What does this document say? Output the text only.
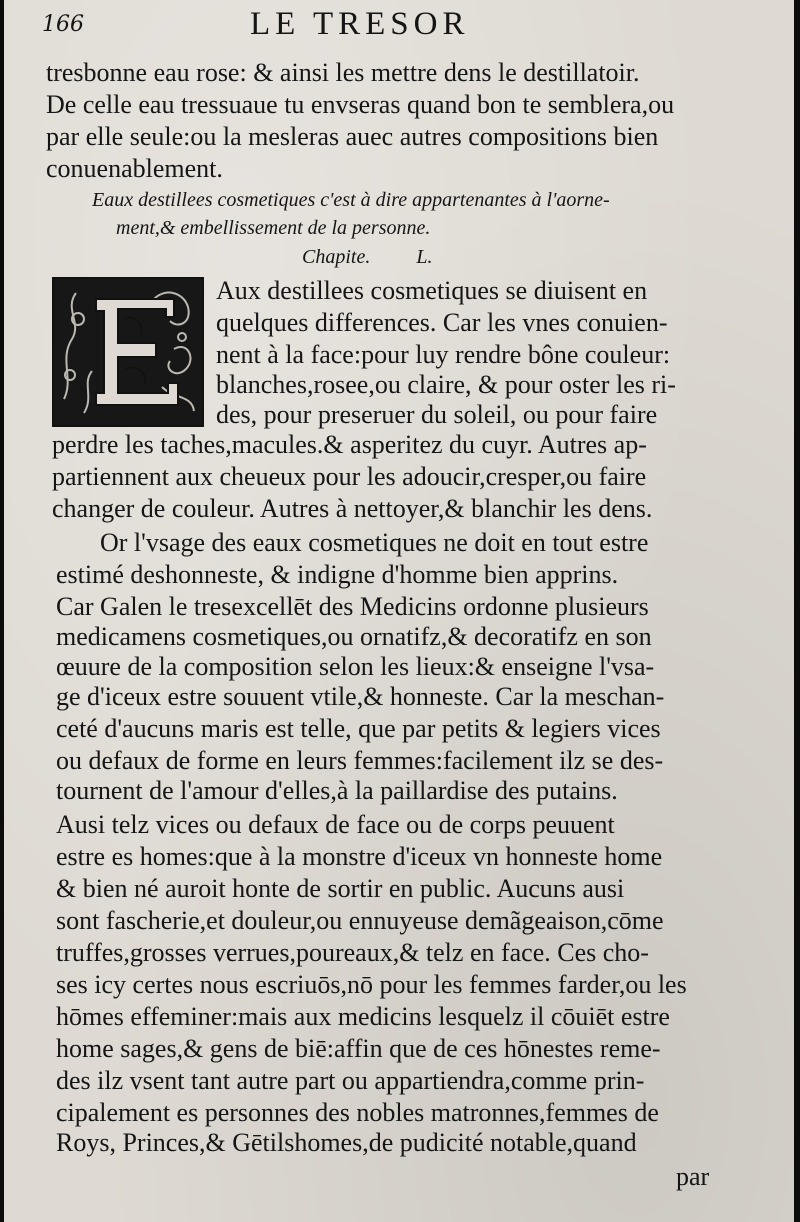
166	LE TRESOR
tresbonne eau rose: & ainsi les mettre dens le destillatoir.
De celle eau tressuaue tu envseras quand bon te semblera,ou
par elle seule:ou la mesleras auec autres compositions bien
conuenablement.
Eaux destillees cosmetiques c'est à dire appartenantes à l'aorne-
ment,& embellissement de la personne.
Chapite. L.
Aux destillees cosmetiques se diuisent en
quelques differences. Car les vnes conuien-
nent à la face:pour luy rendre bône couleur:
blanches,rosee,ou claire, & pour oster les ri-
des, pour preseruer du soleil, ou pour faire
perdre les taches,macules.& asperitez du cuyr. Autres ap-
partiennent aux cheueux pour les adoucir,cresper,ou faire
changer de couleur. Autres à nettoyer,& blanchir les dens.
Or l'vsage des eaux cosmetiques ne doit en tout estre
estimé deshonneste, & indigne d'homme bien apprins.
Car Galen le tresexcellēt des Medicins ordonne plusieurs
medicamens cosmetiques,ou ornatifz,& decoratifz en son
œuure de la composition selon les lieux:& enseigne l'vsa-
ge d'iceux estre souuent vtile,& honneste. Car la meschan-
ceté d'aucuns maris est telle, que par petits & legiers vices
ou defaux de forme en leurs femmes:facilement ilz se des-
tournent de l'amour d'elles,à la paillardise des putains.
Ausi telz vices ou defaux de face ou de corps peuuent
estre es homes:que à la monstre d'iceux vn honneste home
& bien né auroit honte de sortir en public. Aucuns ausi
sont fascherie,et douleur,ou ennuyeuse demãgeaison,cōme
truffes,grosses verrues,poureaux,& telz en face. Ces cho-
ses icy certes nous escriuōs,nō pour les femmes farder,ou les
hōmes effeminer:mais aux medicins lesquelz il cōuiēt estre
home sages,& gens de biē:affin que de ces hōnestes reme-
des ilz vsent tant autre part ou appartiendra,comme prin-
cipalement es personnes des nobles matronnes,femmes de
Roys, Princes,& Gētilshomes,de pudicité notable,quand
par
